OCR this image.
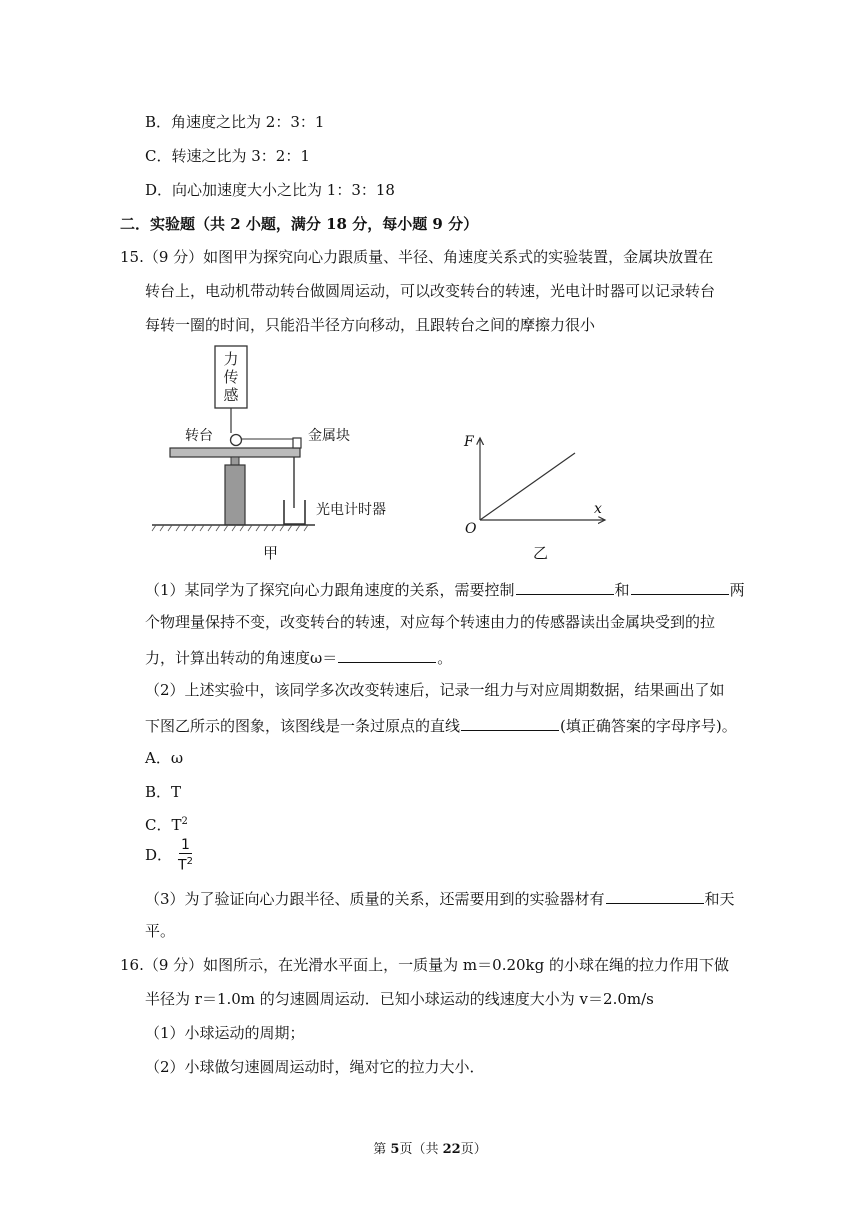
B．角速度之比为 2：3：1
C．转速之比为 3：2：1
D．向心加速度大小之比为 1：3：18
二．实验题（共 2 小题，满分 18 分，每小题 9 分）
15.（9 分）如图甲为探究向心力跟质量、半径、角速度关系式的实验装置，金属块放置在
转台上，电动机带动转台做圆周运动，可以改变转台的转速，光电计时器可以记录转台
每转一圈的时间，只能沿半径方向移动，且跟转台之间的摩擦力很小
力
传
感
转台	金属块
光电计时器
甲
F
x
O
乙
（1）某同学为了探究向心力跟角速度的关系，需要控制	和	两
个物理量保持不变，改变转台的转速，对应每个转速由力的传感器读出金属块受到的拉
力，计算出转动的角速度ω＝	。
（2）上述实验中，该同学多次改变转速后，记录一组力与对应周期数据，结果画出了如
下图乙所示的图象，该图线是一条过原点的直线	(填正确答案的字母序号)。
A．ω
B．T
C．$T^2$
D． $\frac{1}{T^2}$
（3）为了验证向心力跟半径、质量的关系，还需要用到的实验器材有	和天
平。
16.（9 分）如图所示，在光滑水平面上，一质量为 m＝0.20kg 的小球在绳的拉力作用下做
半径为 r＝1.0m 的匀速圆周运动．已知小球运动的线速度大小为 v＝2.0m/s
（1）小球运动的周期；
（2）小球做匀速圆周运动时，绳对它的拉力大小．
第 5页（共 22页）
